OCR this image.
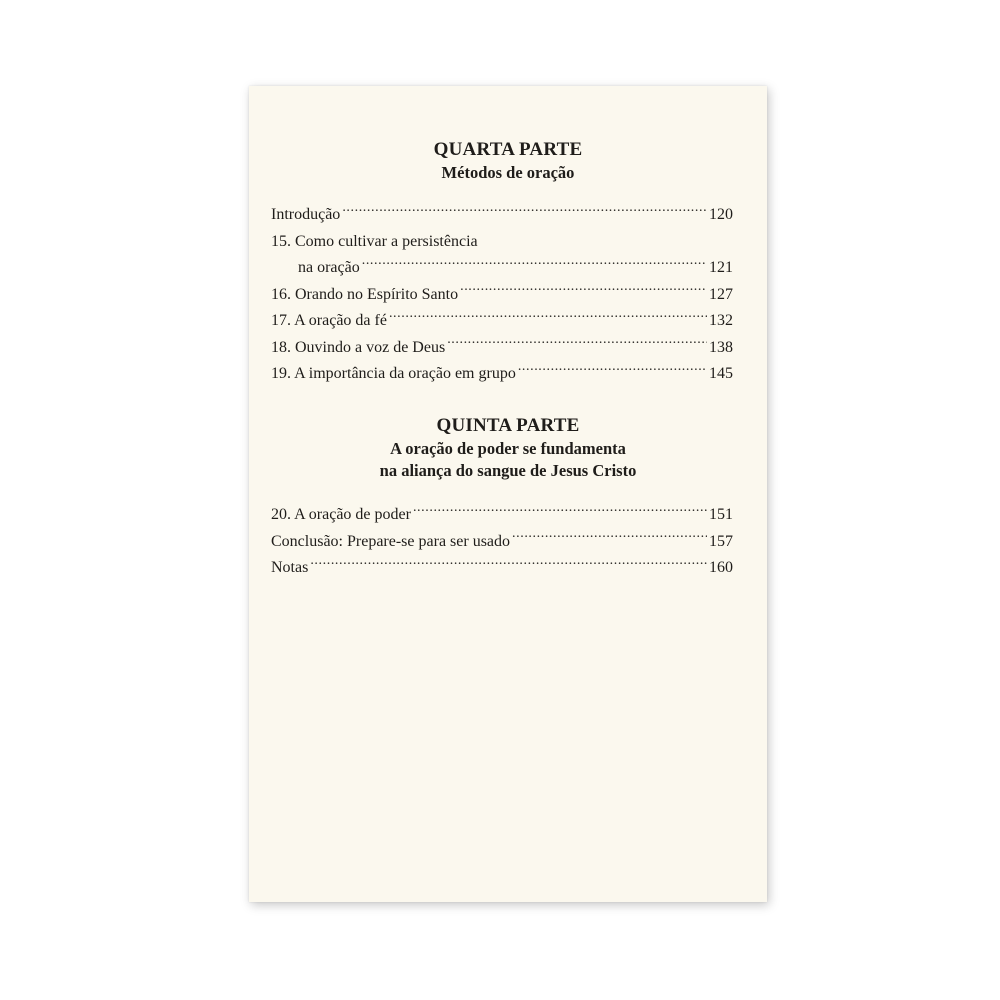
QUARTA PARTE
Métodos de oração
Introdução .....	120
15. Como cultivar a persistência
na oração .....	121
16. Orando no Espírito Santo .....	127
17. A oração da fé .....	132
18. Ouvindo a voz de Deus .....	138
19. A importância da oração em grupo .....	145
QUINTA PARTE
A oração de poder se fundamenta
na aliança do sangue de Jesus Cristo
20. A oração de poder .....	151
Conclusão: Prepare-se para ser usado .....	157
Notas .....	160
